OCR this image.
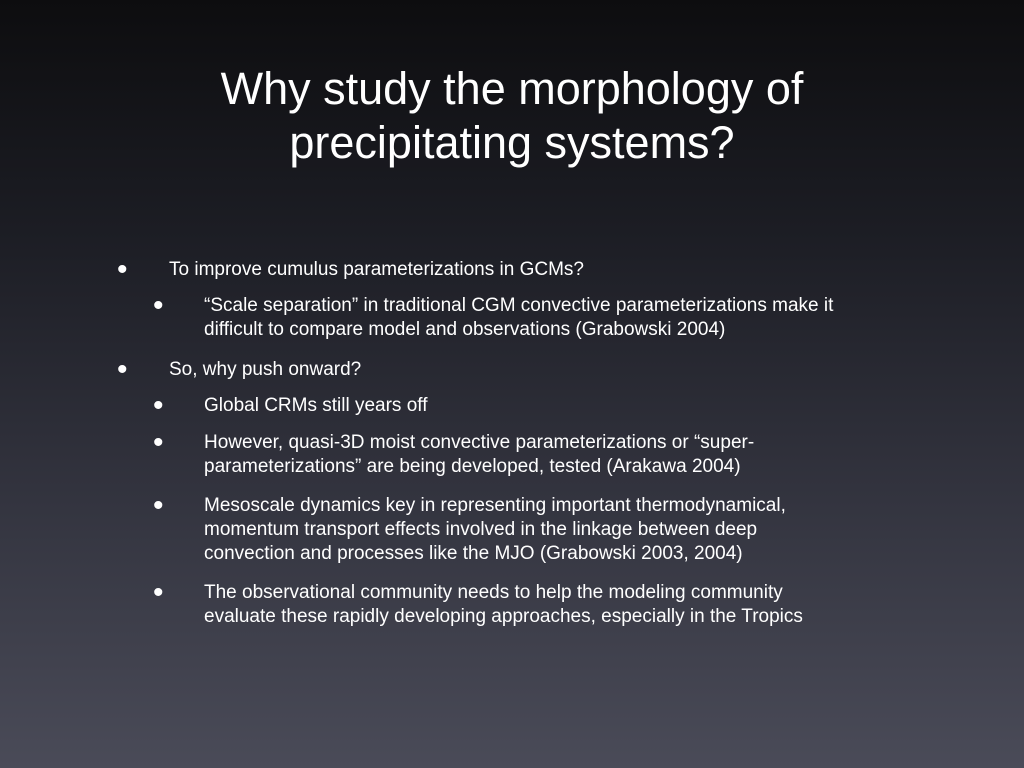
Why study the morphology of
precipitating systems?
• To improve cumulus parameterizations in GCMs?
• “Scale separation” in traditional CGM convective parameterizations make it
difficult to compare model and observations (Grabowski 2004)
• So, why push onward?
• Global CRMs still years off
• However, quasi-3D moist convective parameterizations or “super-
parameterizations” are being developed, tested (Arakawa 2004)
• Mesoscale dynamics key in representing important thermodynamical,
momentum transport effects involved in the linkage between deep
convection and processes like the MJO (Grabowski 2003, 2004)
• The observational community needs to help the modeling community
evaluate these rapidly developing approaches, especially in the Tropics
